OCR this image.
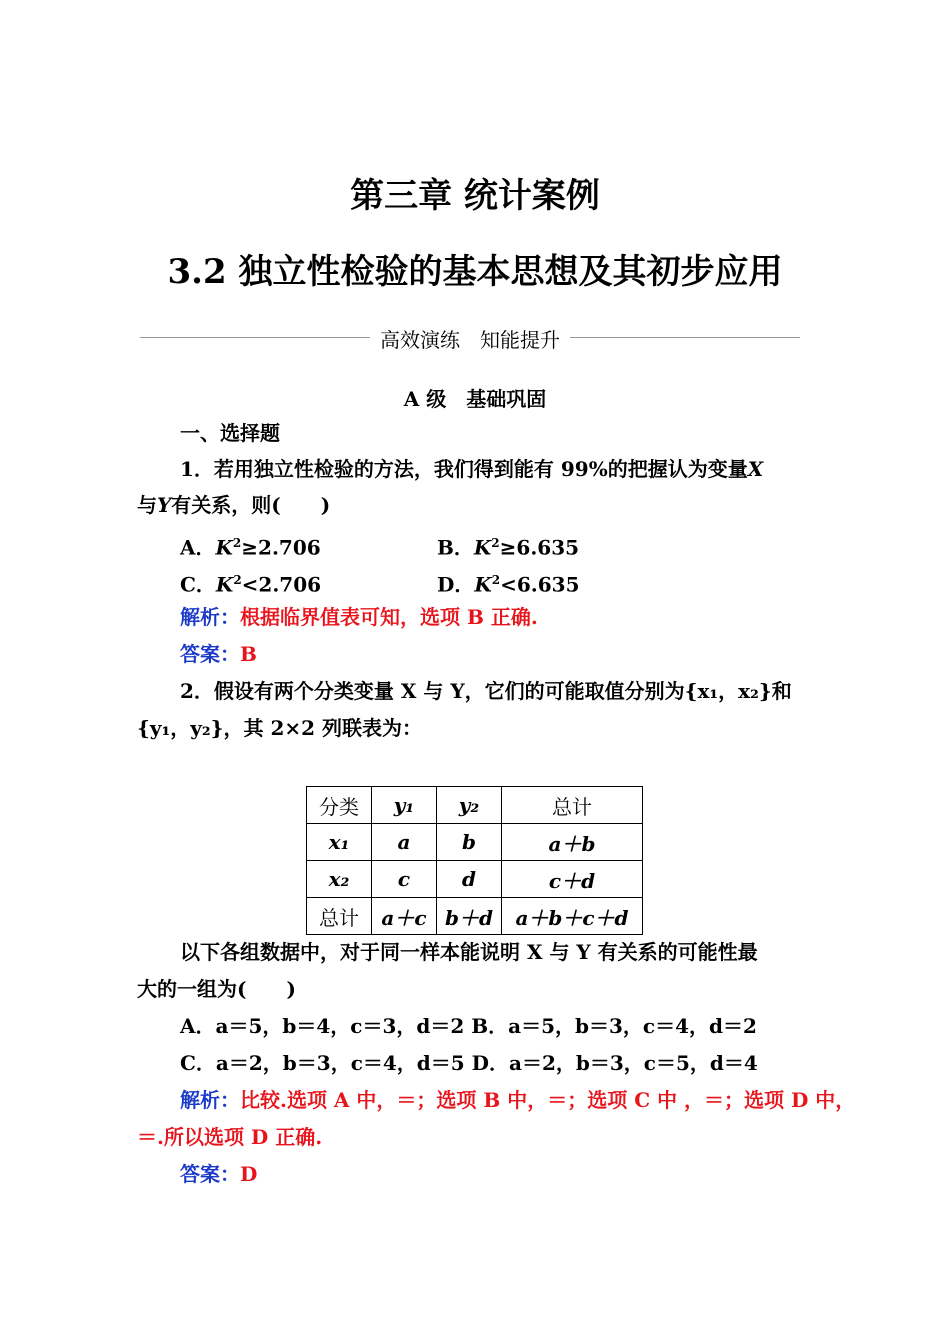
第三章 统计案例
3.2 独立性检验的基本思想及其初步应用
高效演练　知能提升
A 级　基础巩固
一、选择题
1．若用独立性检验的方法，我们得到能有 99%的把握认为变量X
与Y有关系，则(　　)
A．$K^2\ge 2.706$	B．$K^2\ge 6.635$
C．$K^2<2.706$	D．$K^2<6.635$
解析：根据临界值表可知，选项 B 正确.
答案：B
2．假设有两个分类变量 X 与 Y，它们的可能取值分别为{x₁，x₂}和
{y₁，y₂}，其 2×2 列联表为：
分类	y₁	y₂	总计
x₁	a	b	a＋b
x₂	c	d	c＋d
总计	a＋c	b＋d	a＋b＋c＋d
以下各组数据中，对于同一样本能说明 X 与 Y 有关系的可能性最
大的一组为(　　)
A．a＝5，b＝4，c＝3，d＝2 B．a＝5，b＝3，c＝4，d＝2
C．a＝2，b＝3，c＝4，d＝5 D．a＝2，b＝3，c＝5，d＝4
解析：比较.选项 A 中，＝；选项 B 中，＝；选项 C 中 ，＝；选项 D 中，
＝.所以选项 D 正确.
答案：D
